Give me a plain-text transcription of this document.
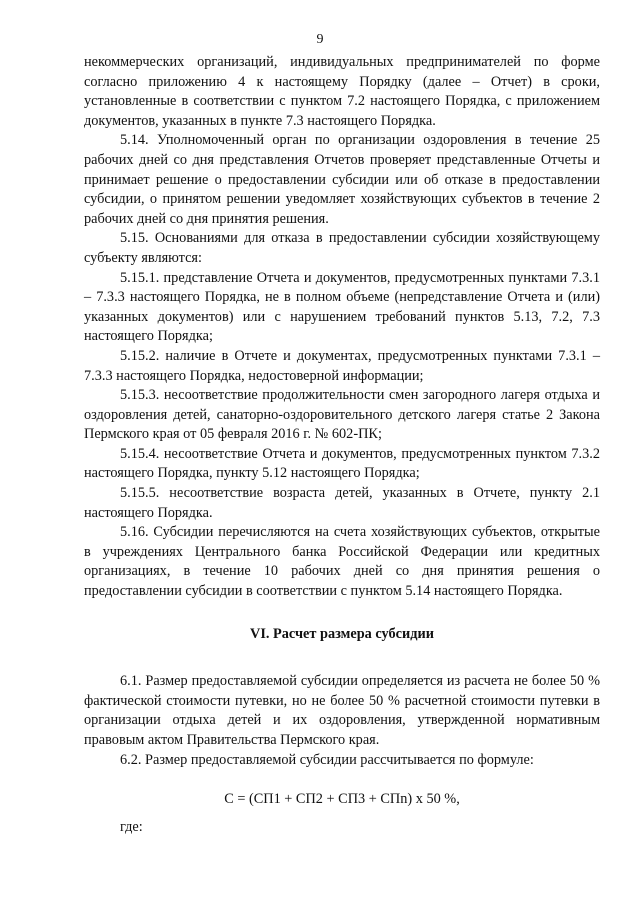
9

некоммерческих организаций, индивидуальных предпринимателей по форме согласно приложению 4 к настоящему Порядку (далее – Отчет) в сроки, установленные в соответствии с пунктом 7.2 настоящего Порядка, с приложением документов, указанных в пункте 7.3 настоящего Порядка.

5.14. Уполномоченный орган по организации оздоровления в течение 25 рабочих дней со дня представления Отчетов проверяет представленные Отчеты и принимает решение о предоставлении субсидии или об отказе в предоставлении субсидии, о принятом решении уведомляет хозяйствующих субъектов в течение 2 рабочих дней со дня принятия решения.

5.15. Основаниями для отказа в предоставлении субсидии хозяйствующему субъекту являются:

5.15.1. представление Отчета и документов, предусмотренных пунктами 7.3.1 – 7.3.3 настоящего Порядка, не в полном объеме (непредставление Отчета и (или) указанных документов) или с нарушением требований пунктов 5.13, 7.2, 7.3 настоящего Порядка;

5.15.2. наличие в Отчете и документах, предусмотренных пунктами 7.3.1 – 7.3.3 настоящего Порядка, недостоверной информации;

5.15.3. несоответствие продолжительности смен загородного лагеря отдыха и оздоровления детей, санаторно-оздоровительного детского лагеря статье 2 Закона Пермского края от 05 февраля 2016 г. № 602-ПК;

5.15.4. несоответствие Отчета и документов, предусмотренных пунктом 7.3.2 настоящего Порядка, пункту 5.12 настоящего Порядка;

5.15.5. несоответствие возраста детей, указанных в Отчете, пункту 2.1 настоящего Порядка.

5.16. Субсидии перечисляются на счета хозяйствующих субъектов, открытые в учреждениях Центрального банка Российской Федерации или кредитных организациях, в течение 10 рабочих дней со дня принятия решения о предоставлении субсидии в соответствии с пунктом 5.14 настоящего Порядка.

VI. Расчет размера субсидии

6.1. Размер предоставляемой субсидии определяется из расчета не более 50 % фактической стоимости путевки, но не более 50 % расчетной стоимости путевки в организации отдыха детей и их оздоровления, утвержденной нормативным правовым актом Правительства Пермского края.

6.2. Размер предоставляемой субсидии рассчитывается по формуле:

С = (СП1 + СП2 + СП3 + СПn) x 50 %,

где:
